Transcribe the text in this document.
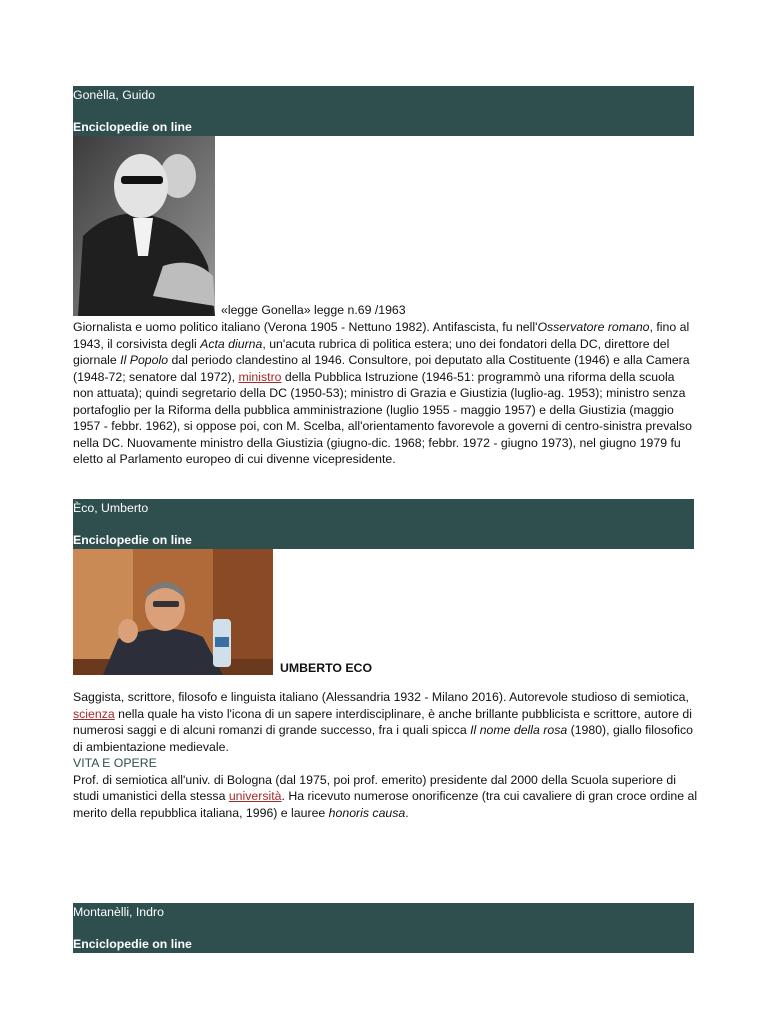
Gonèlla, Guido
Enciclopedie on line
«legge Gonella» legge n.69 /1963
Giornalista e uomo politico italiano (Verona 1905 - Nettuno 1982). Antifascista, fu nell'Osservatore romano, fino al 1943, il corsivista degli Acta diurna, un'acuta rubrica di politica estera; uno dei fondatori della DC, direttore del giornale Il Popolo dal periodo clandestino al 1946. Consultore, poi deputato alla Costituente (1946) e alla Camera (1948-72; senatore dal 1972), ministro della Pubblica Istruzione (1946-51: programmò una riforma della scuola non attuata); quindi segretario della DC (1950-53); ministro di Grazia e Giustizia (luglio-ag. 1953); ministro senza portafoglio per la Riforma della pubblica amministrazione (luglio 1955 - maggio 1957) e della Giustizia (maggio 1957 - febbr. 1962), si oppose poi, con M. Scelba, all'orientamento favorevole a governi di centro-sinistra prevalso nella DC. Nuovamente ministro della Giustizia (giugno-dic. 1968; febbr. 1972 - giugno 1973), nel giugno 1979 fu eletto al Parlamento europeo di cui divenne vicepresidente.
Èco, Umberto
Enciclopedie on line
UMBERTO ECO
Saggista, scrittore, filosofo e linguista italiano (Alessandria 1932 - Milano 2016). Autorevole studioso di semiotica, scienza nella quale ha visto l'icona di un sapere interdisciplinare, è anche brillante pubblicista e scrittore, autore di numerosi saggi e di alcuni romanzi di grande successo, fra i quali spicca Il nome della rosa (1980), giallo filosofico di ambientazione medievale.
VITA E OPERE
Prof. di semiotica all'univ. di Bologna (dal 1975, poi prof. emerito) presidente dal 2000 della Scuola superiore di studi umanistici della stessa università. Ha ricevuto numerose onorificenze (tra cui cavaliere di gran croce ordine al merito della repubblica italiana, 1996) e lauree honoris causa.
Montanèlli, Indro
Enciclopedie on line
